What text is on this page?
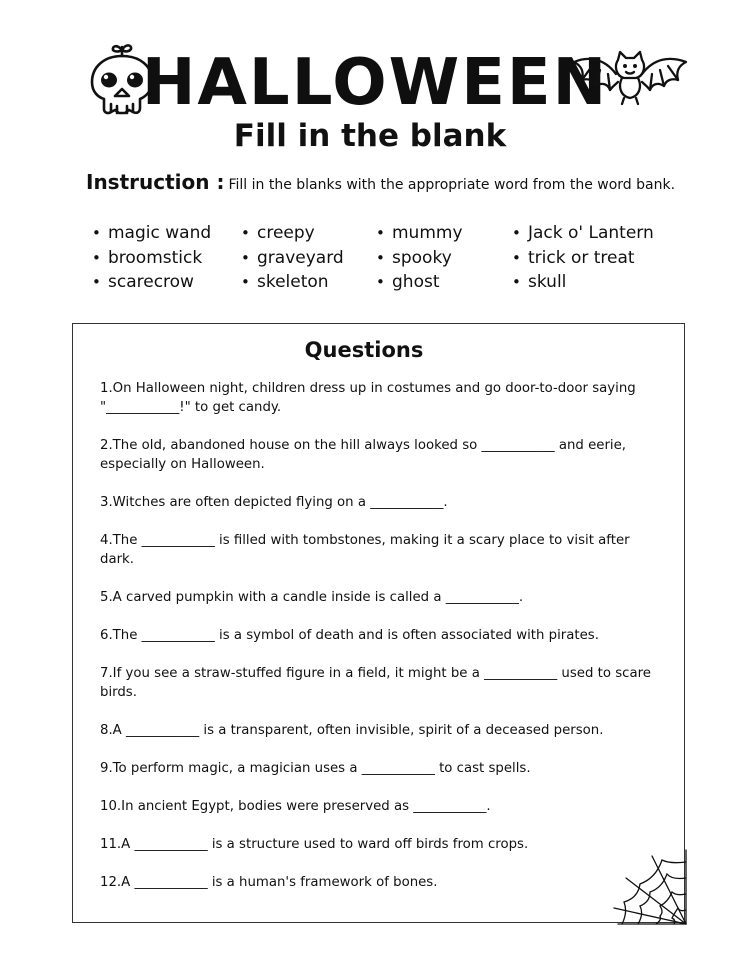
HALLOWEEN
Fill in the blank
Instruction : Fill in the blanks with the appropriate word from the word bank.
• magic wand
• broomstick
• scarecrow
• creepy
• graveyard
• skeleton
• mummy
• spooky
• ghost
• Jack o' Lantern
• trick or treat
• skull
Questions
1.On Halloween night, children dress up in costumes and go door-to-door saying "___________!" to get candy.
2.The old, abandoned house on the hill always looked so ___________ and eerie, especially on Halloween.
3.Witches are often depicted flying on a ___________.
4.The ___________ is filled with tombstones, making it a scary place to visit after dark.
5.A carved pumpkin with a candle inside is called a ___________.
6.The ___________ is a symbol of death and is often associated with pirates.
7.If you see a straw-stuffed figure in a field, it might be a ___________ used to scare birds.
8.A ___________ is a transparent, often invisible, spirit of a deceased person.
9.To perform magic, a magician uses a ___________ to cast spells.
10.In ancient Egypt, bodies were preserved as ___________.
11.A ___________ is a structure used to ward off birds from crops.
12.A ___________ is a human's framework of bones.
